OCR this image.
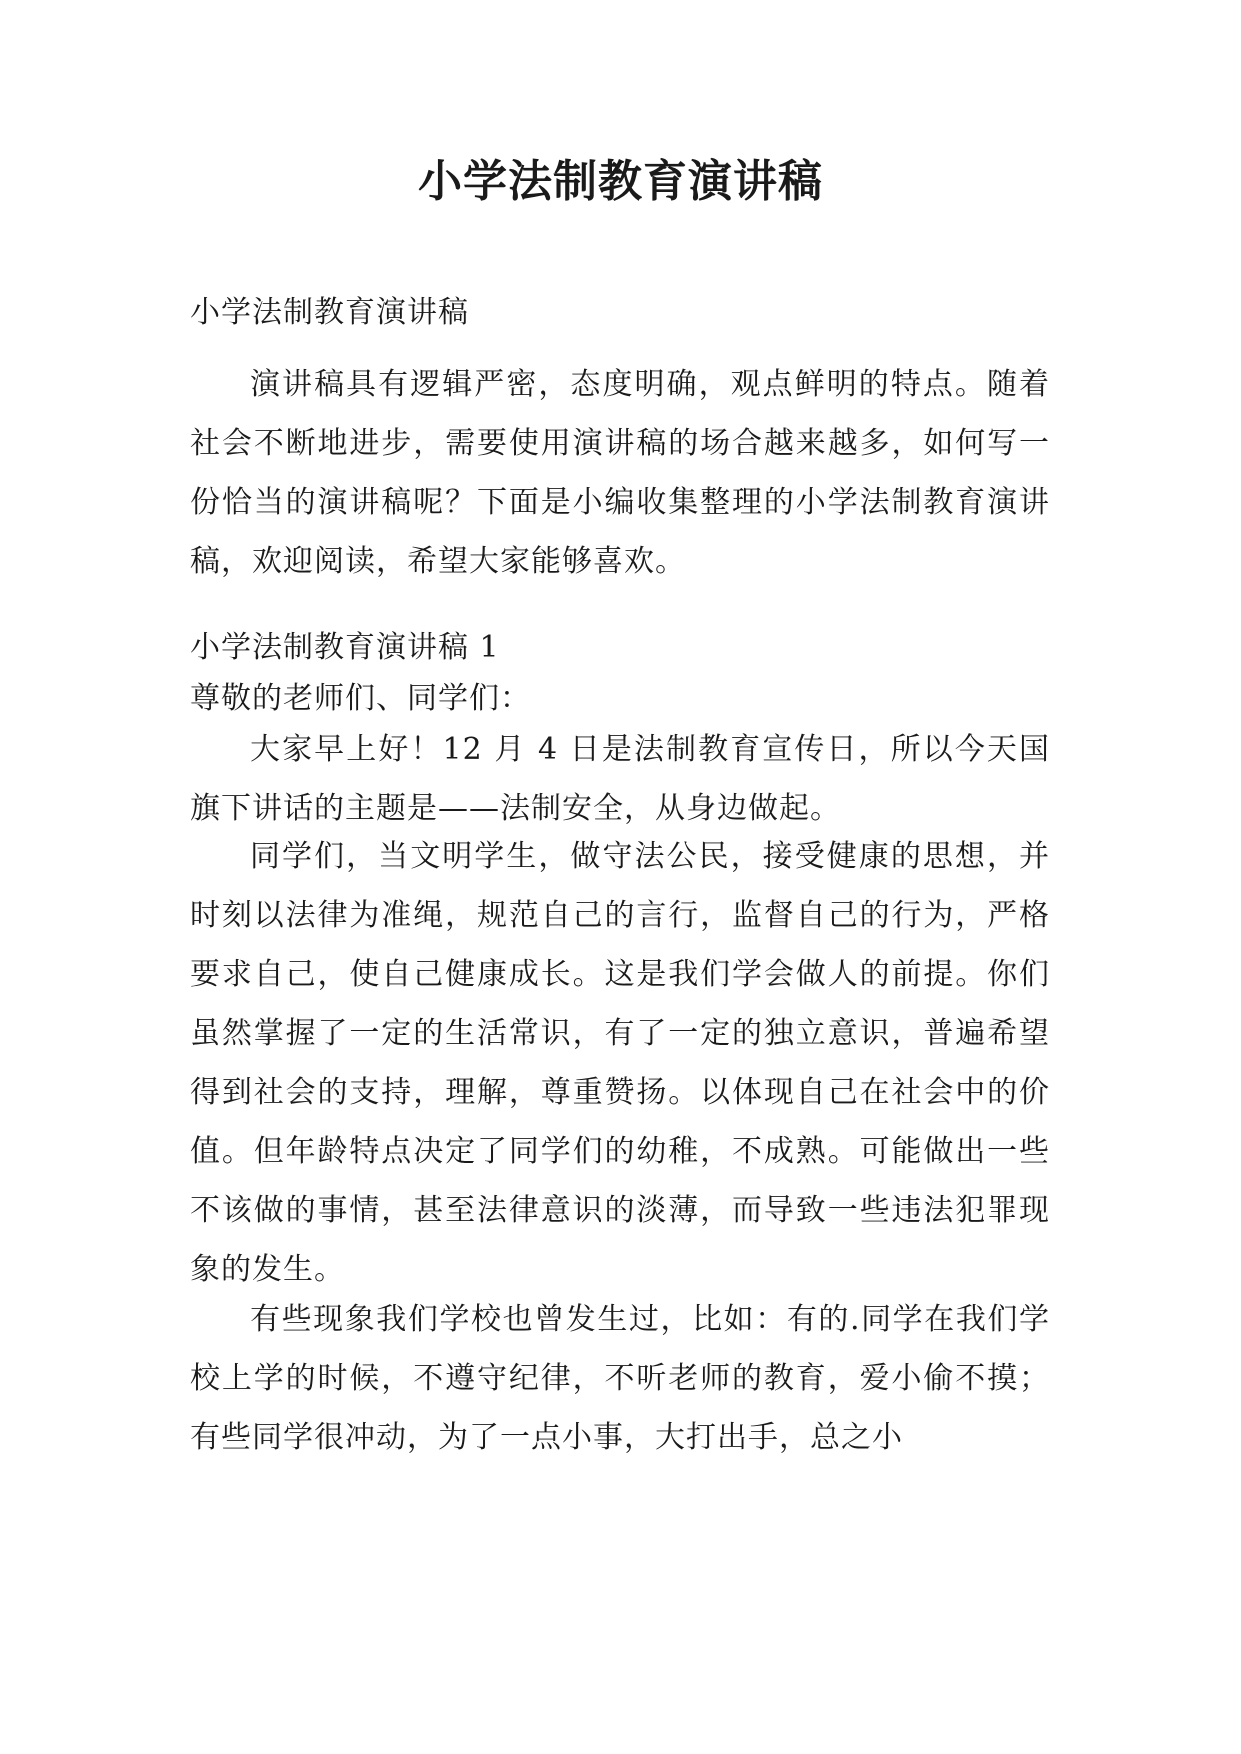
小学法制教育演讲稿

小学法制教育演讲稿

演讲稿具有逻辑严密，态度明确，观点鲜明的特点。随着社会不断地进步，需要使用演讲稿的场合越来越多，如何写一份恰当的演讲稿呢？下面是小编收集整理的小学法制教育演讲稿，欢迎阅读，希望大家能够喜欢。

小学法制教育演讲稿 1

尊敬的老师们、同学们：

大家早上好！12 月 4 日是法制教育宣传日，所以今天国旗下讲话的主题是——法制安全，从身边做起。

同学们，当文明学生，做守法公民，接受健康的思想，并时刻以法律为准绳，规范自己的言行，监督自己的行为，严格要求自己，使自己健康成长。这是我们学会做人的前提。你们虽然掌握了一定的生活常识，有了一定的独立意识，普遍希望得到社会的支持，理解，尊重赞扬。以体现自己在社会中的价值。但年龄特点决定了同学们的幼稚，不成熟。可能做出一些不该做的事情，甚至法律意识的淡薄，而导致一些违法犯罪现象的发生。

有些现象我们学校也曾发生过，比如：有的.同学在我们学校上学的时候，不遵守纪律，不听老师的教育，爱小偷不摸；有些同学很冲动，为了一点小事，大打出手，总之小
